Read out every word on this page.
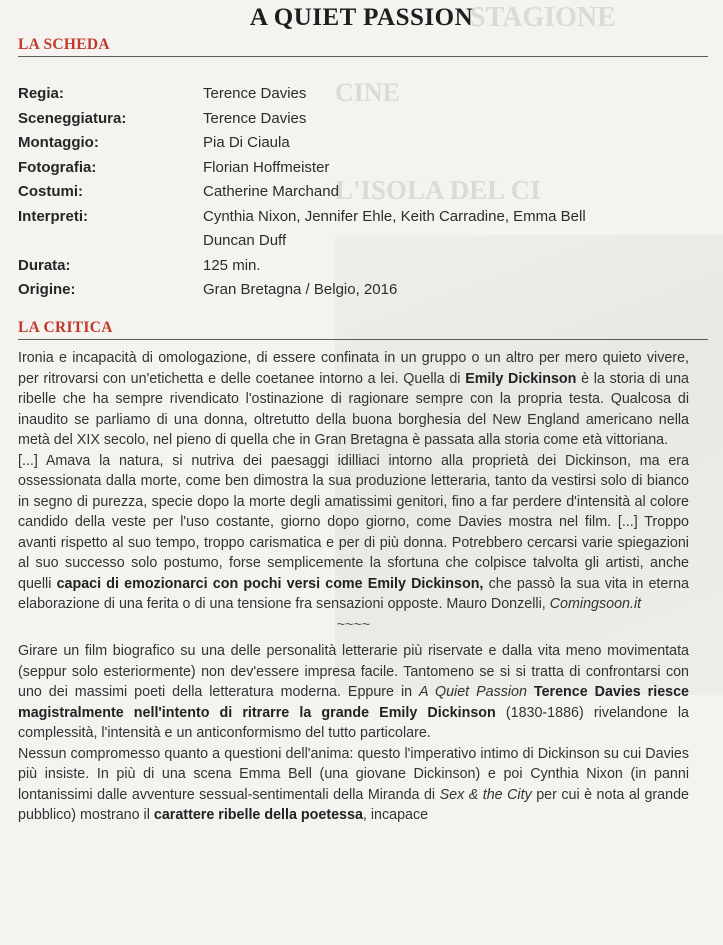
STAGIONE
CINE
L'ISOLA DEL CI
A QUIET PASSION
LA SCHEDA
Regia:	Terence Davies
Sceneggiatura:	Terence Davies
Montaggio:	Pia Di Ciaula
Fotografia:	Florian Hoffmeister
Costumi:	Catherine Marchand
Interpreti:	Cynthia Nixon, Jennifer Ehle, Keith Carradine, Emma Bell
Duncan Duff
Durata:	125 min.
Origine:	Gran Bretagna / Belgio, 2016
LA CRITICA

Ironia e incapacità di omologazione, di essere confinata in un gruppo o un altro per mero quieto vivere, per ritrovarsi con un'etichetta e delle coetanee intorno a lei. Quella di Emily Dickinson è la storia di una ribelle che ha sempre rivendicato l'ostinazione di ragionare sempre con la propria testa. Qualcosa di inaudito se parliamo di una donna, oltretutto della buona borghesia del New England americano nella metà del XIX secolo, nel pieno di quella che in Gran Bretagna è passata alla storia come età vittoriana.

[...] Amava la natura, si nutriva dei paesaggi idilliaci intorno alla proprietà dei Dickinson, ma era ossessionata dalla morte, come ben dimostra la sua produzione letteraria, tanto da vestirsi solo di bianco in segno di purezza, specie dopo la morte degli amatissimi genitori, fino a far perdere d'intensità al colore candido della veste per l'uso costante, giorno dopo giorno, come Davies mostra nel film. [...] Troppo avanti rispetto al suo tempo, troppo carismatica e per di più donna. Potrebbero cercarsi varie spiegazioni al suo successo solo postumo, forse semplicemente la sfortuna che colpisce talvolta gli artisti, anche quelli capaci di emozionarci con pochi versi come Emily Dickinson, che passò la sua vita in eterna elaborazione di una ferita o di una tensione fra sensazioni opposte. Mauro Donzelli, Comingsoon.it

~~~~

Girare un film biografico su una delle personalità letterarie più riservate e dalla vita meno movimentata (seppur solo esteriormente) non dev'essere impresa facile. Tantomeno se si si tratta di confrontarsi con uno dei massimi poeti della letteratura moderna. Eppure in A Quiet Passion Terence Davies riesce magistralmente nell'intento di ritrarre la grande Emily Dickinson (1830-1886) rivelandone la complessità, l'intensità e un anticonformismo del tutto particolare.

Nessun compromesso quanto a questioni dell'anima: questo l'imperativo intimo di Dickinson su cui Davies più insiste. In più di una scena Emma Bell (una giovane Dickinson) e poi Cynthia Nixon (in panni lontanissimi dalle avventure sessual-sentimentali della Miranda di Sex & the City per cui è nota al grande pubblico) mostrano il carattere ribelle della poetessa, incapace
